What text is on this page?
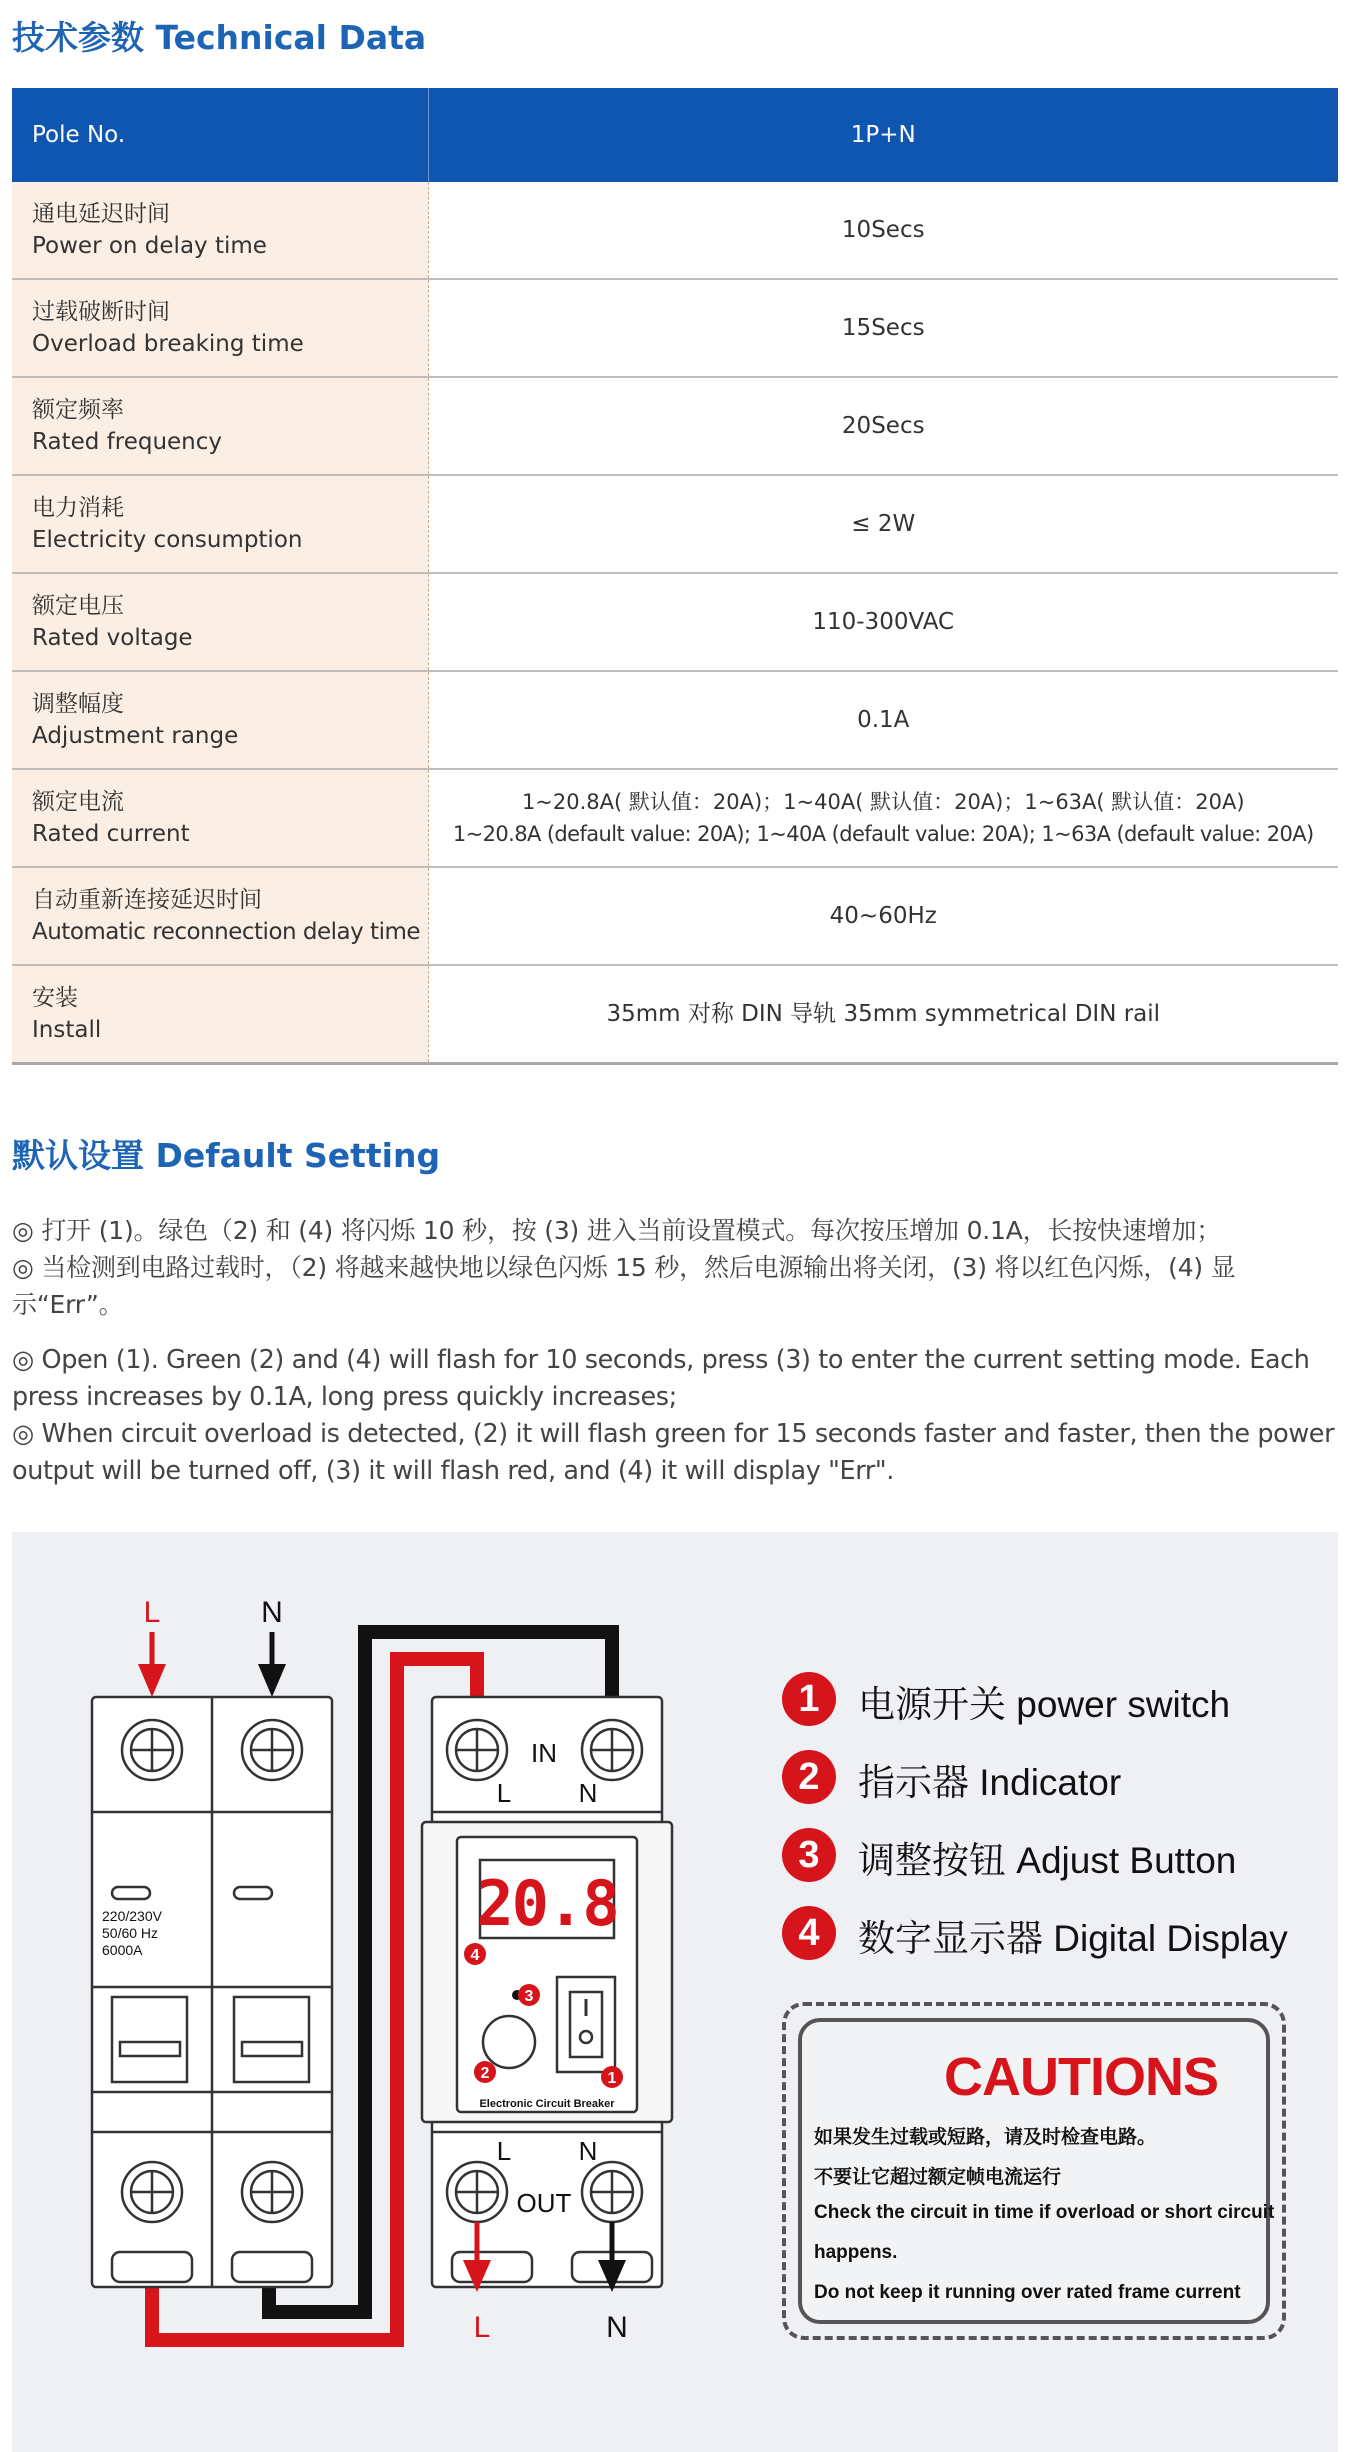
技术参数 Technical Data
Pole No.	1P+N
通电延迟时间
Power on delay time	10Secs
过载破断时间
Overload breaking time	15Secs
额定频率
Rated frequency	20Secs
电力消耗
Electricity consumption	≤ 2W
额定电压
Rated voltage	110-300VAC
调整幅度
Adjustment range	0.1A
额定电流
Rated current	1~20.8A( 默认值：20A)；1~40A( 默认值：20A)；1~63A( 默认值：20A)
1~20.8A (default value: 20A); 1~40A (default value: 20A); 1~63A (default value: 20A)
自动重新连接延迟时间
Automatic reconnection delay time	40~60Hz
安装
Install	35mm 对称 DIN 导轨 35mm symmetrical DIN rail
默认设置 Default Setting
◎ 打开 (1)。绿色（2) 和 (4) 将闪烁 10 秒，按 (3) 进入当前设置模式。每次按压增加 0.1A，长按快速增加；
◎ 当检测到电路过载时，（2) 将越来越快地以绿色闪烁 15 秒，然后电源输出将关闭，(3) 将以红色闪烁，(4) 显示“Err”。
◎ Open (1). Green (2) and (4) will flash for 10 seconds, press (3) to enter the current setting mode. Each press increases by 0.1A, long press quickly increases;
◎ When circuit overload is detected, (2) it will flash green for 15 seconds faster and faster, then the power output will be turned off, (3) it will flash red, and (4) it will display "Err".
220/230V
50/60 Hz
6000A
L	N
20.8
Electronic Circuit Breaker
IN
L	N
L	N
OUT
1
2
3
4
L	N
1	电源开关 power switch
2	指示器 Indicator
3	调整按钮 Adjust Button
4	数字显示器 Digital Display
CAUTIONS
如果发生过载或短路，请及时检查电路。
不要让它超过额定帧电流运行
Check the circuit in time if overload or short circuit
happens.
Do not keep it running over rated frame current
